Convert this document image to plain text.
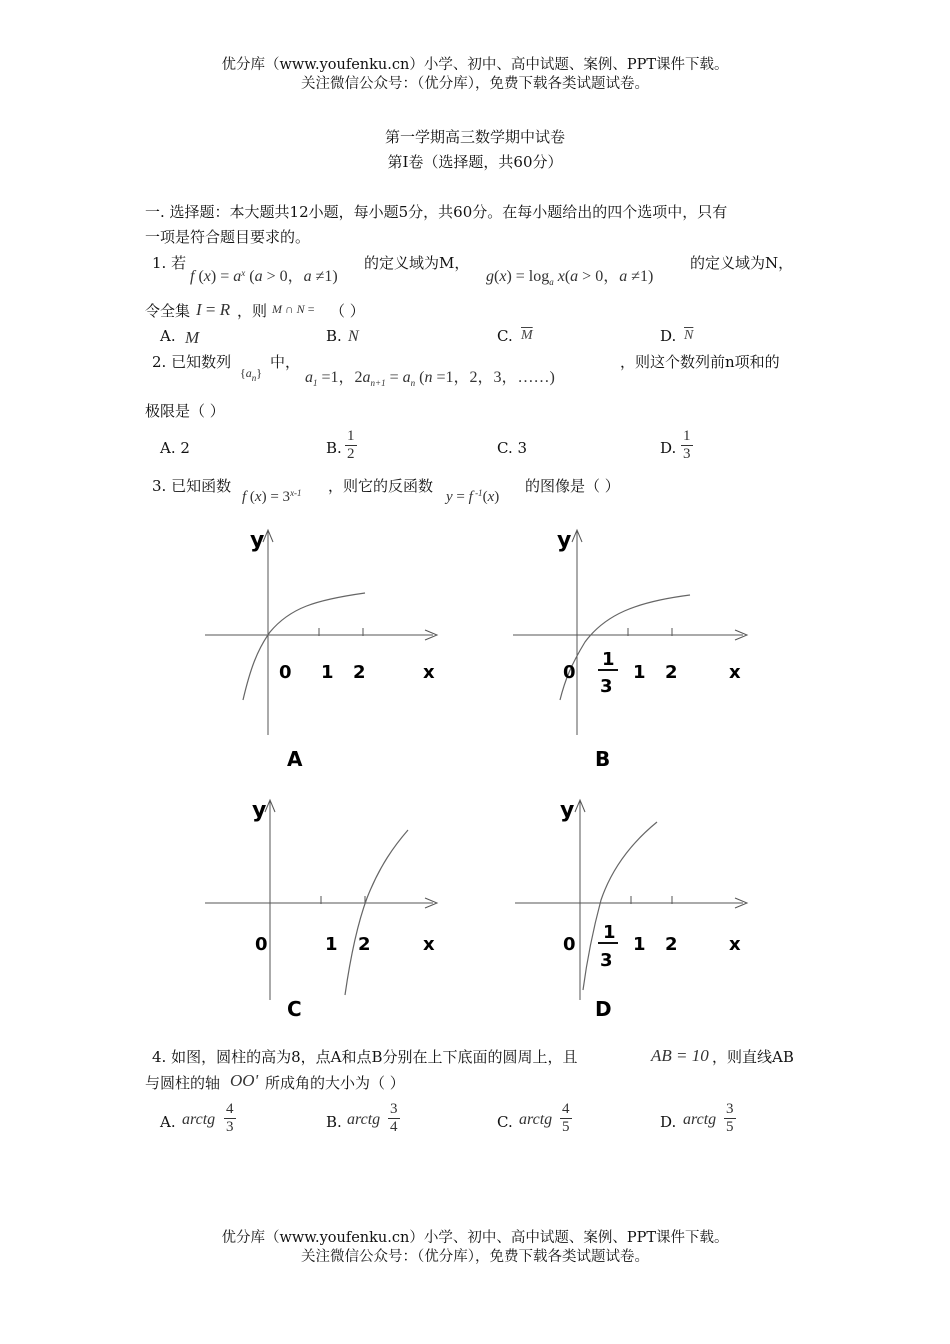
优分库（www.youfenku.cn）小学、初中、高中试题、案例、PPT课件下载。
关注微信公众号：（优分库），免费下载各类试题试卷。
第一学期高三数学期中试卷
第I卷（选择题，共60分）
一. 选择题：本大题共12小题，每小题5分，共60分。在每小题给出的四个选项中，只有
一项是符合题目要求的。
1. 若
f $(x) = a^x$ (a > 0，a ≠1)
的定义域为M，
$g(x) = \log_a x(a > 0$，a ≠1)
的定义域为N，
令全集 I = R ，则 M ∩ N = （ ）
A. M	B. N	C. $\overline{M}$	D. $\overline{N}$
2. 已知数列
$\{a_n\}$
中，
$a_1 =1$，$2a_{n+1} = a_n$ (n =1，2，3，……)
，则这个数列前n项和的
极限是（ ）
A. 2	B. $\frac{1}{2}$	C. 3	D. $\frac{1}{3}$
3. 已知函数
f $(x) = 3^{x-1}$ ，则它的反函数
y = f $^{-1}$(x)
的图像是（ ）
y
0 1 2	x
A
y
0
1
3
1 2	x
B
y
0	1 2	x
C
y
0
1
3
1 2	x
D
4. 如图，圆柱的高为8，点A和点B分别在上下底面的圆周上，且	AB = 10 ，则直线AB
与圆柱的轴 OO' 所成角的大小为（ ）
A. arctg $\frac{4}{3}$	B. arctg $\frac{3}{4}$	C. arctg $\frac{4}{5}$	D. arctg $\frac{3}{5}$
优分库（www.youfenku.cn）小学、初中、高中试题、案例、PPT课件下载。
关注微信公众号：（优分库），免费下载各类试题试卷。
